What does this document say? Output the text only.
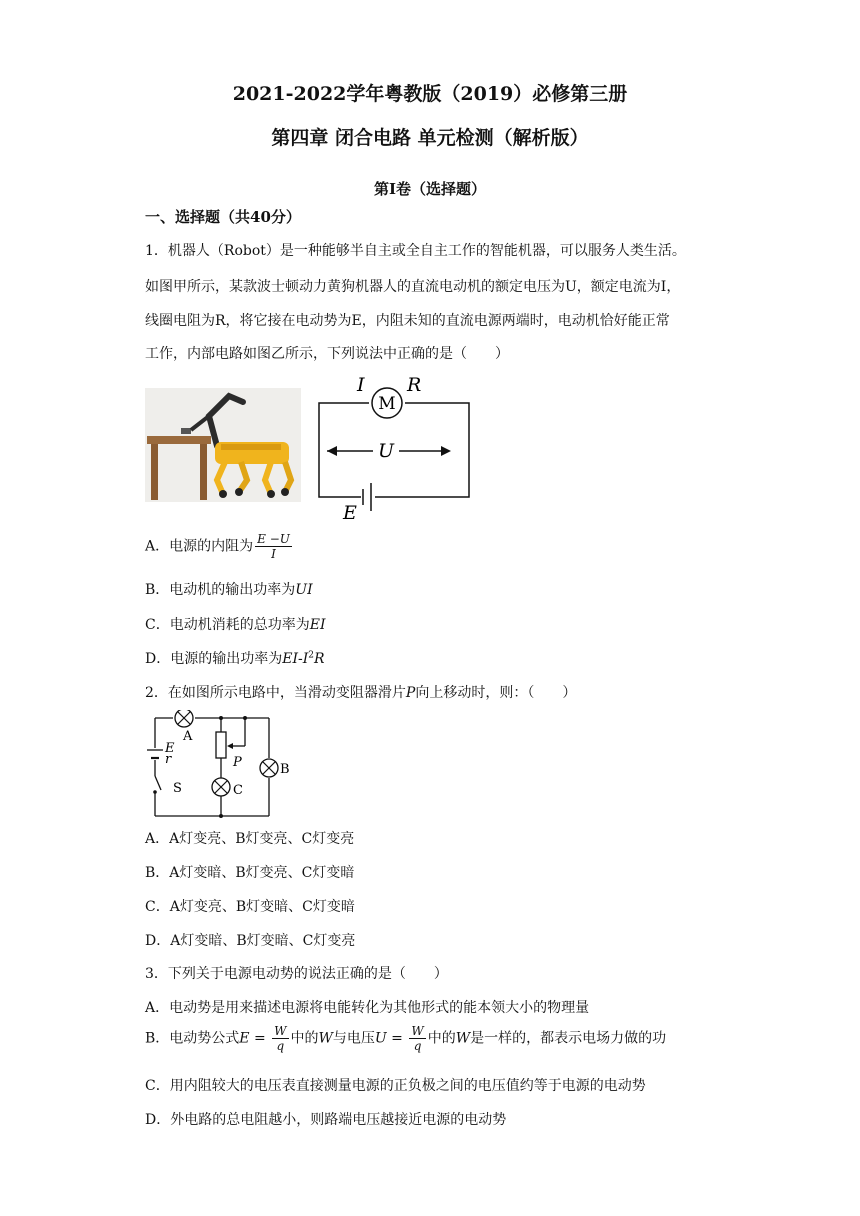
2021-2022学年粤教版（2019）必修第三册
第四章 闭合电路 单元检测（解析版）
第Ⅰ卷（选择题）
一、选择题（共40分）
1．机器人（Robot）是一种能够半自主或全自主工作的智能机器，可以服务人类生活。
如图甲所示，某款波士顿动力黄狗机器人的直流电动机的额定电压为U，额定电流为I，
线圈电阻为R，将它接在电动势为E，内阻未知的直流电源两端时，电动机恰好能正常
工作，内部电路如图乙所示，下列说法中正确的是（　　）
M
I R
U
E
A．电源的内阻为 $\frac{E -U}{I}$
B．电动机的输出功率为UI
C．电动机消耗的总功率为EI
D．电源的输出功率为$EI-I^2R$
2．在如图所示电路中，当滑动变阻器滑片P向上移动时，则：（　　）
E
r
S
A
P
C
B
A．A灯变亮、B灯变亮、C灯变亮
B．A灯变暗、B灯变亮、C灯变暗
C．A灯变亮、B灯变暗、C灯变暗
D．A灯变暗、B灯变暗、C灯变亮
3．下列关于电源电动势的说法正确的是（　　）
A．电动势是用来描述电源将电能转化为其他形式的能本领大小的物理量
B．电动势公式$E = \frac{W}{q}$ 中的W与电压$U = \frac{W}{q}$ 中的W是一样的，都表示电场力做的功
C．用内阻较大的电压表直接测量电源的正负极之间的电压值约等于电源的电动势
D．外电路的总电阻越小，则路端电压越接近电源的电动势
